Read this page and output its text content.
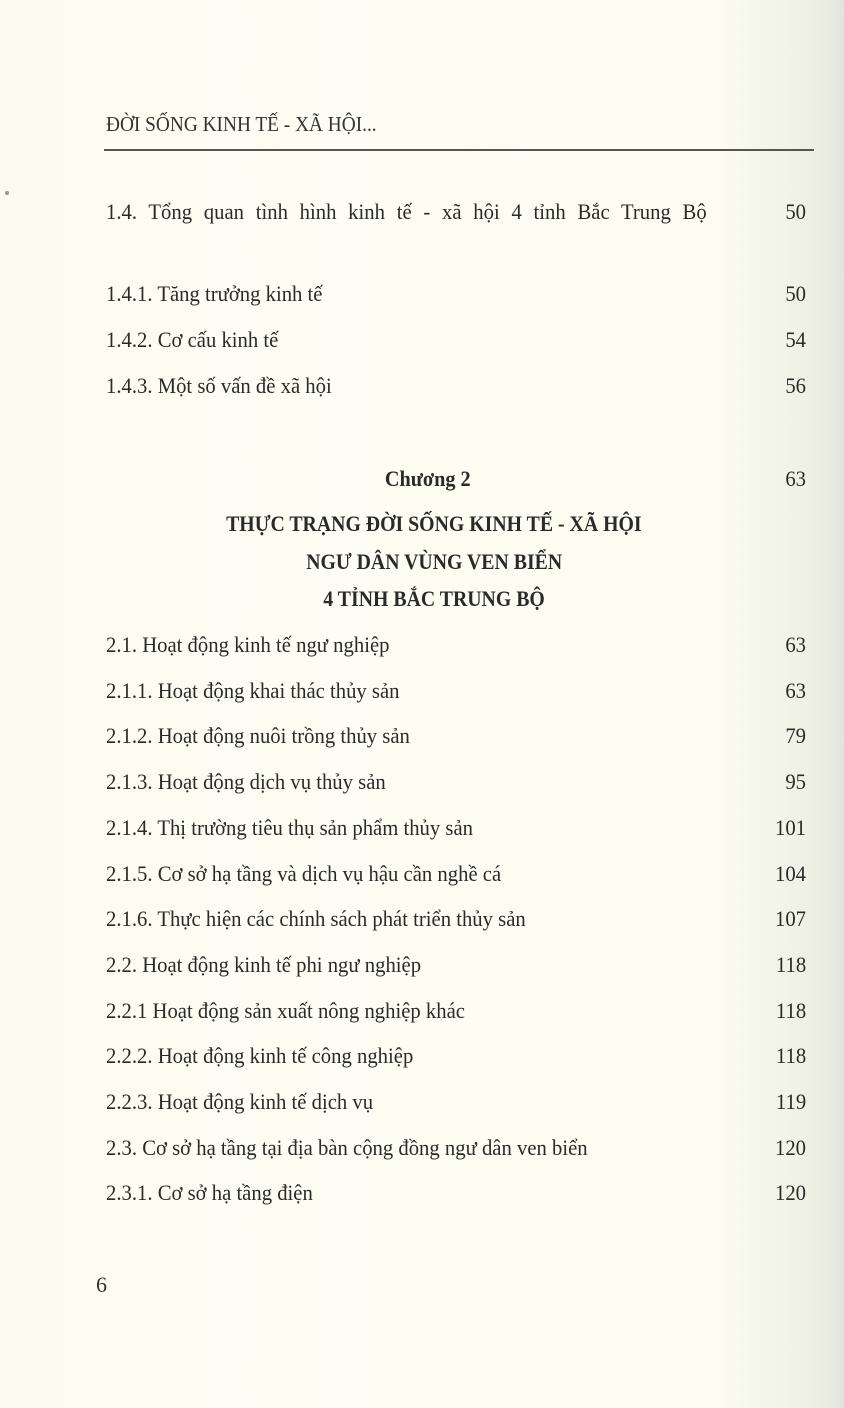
ĐỜI SỐNG KINH TẾ - XÃ HỘI...
1.4. Tổng quan tình hình kinh tế - xã hội 4 tỉnh Bắc Trung Bộ	50
1.4.1. Tăng trưởng kinh tế	50
1.4.2. Cơ cấu kinh tế	54
1.4.3. Một số vấn đề xã hội	56
Chương 2	63
THỰC TRẠNG ĐỜI SỐNG KINH TẾ - XÃ HỘI
NGƯ DÂN VÙNG VEN BIỂN
4 TỈNH BẮC TRUNG BỘ
2.1. Hoạt động kinh tế ngư nghiệp	63
2.1.1. Hoạt động khai thác thủy sản	63
2.1.2. Hoạt động nuôi trồng thủy sản	79
2.1.3. Hoạt động dịch vụ thủy sản	95
2.1.4. Thị trường tiêu thụ sản phẩm thủy sản	101
2.1.5. Cơ sở hạ tầng và dịch vụ hậu cần nghề cá	104
2.1.6. Thực hiện các chính sách phát triển thủy sản	107
2.2. Hoạt động kinh tế phi ngư nghiệp	118
2.2.1 Hoạt động sản xuất nông nghiệp khác	118
2.2.2. Hoạt động kinh tế công nghiệp	118
2.2.3. Hoạt động kinh tế dịch vụ	119
2.3. Cơ sở hạ tầng tại địa bàn cộng đồng ngư dân ven biển	120
2.3.1. Cơ sở hạ tầng điện	120
6
